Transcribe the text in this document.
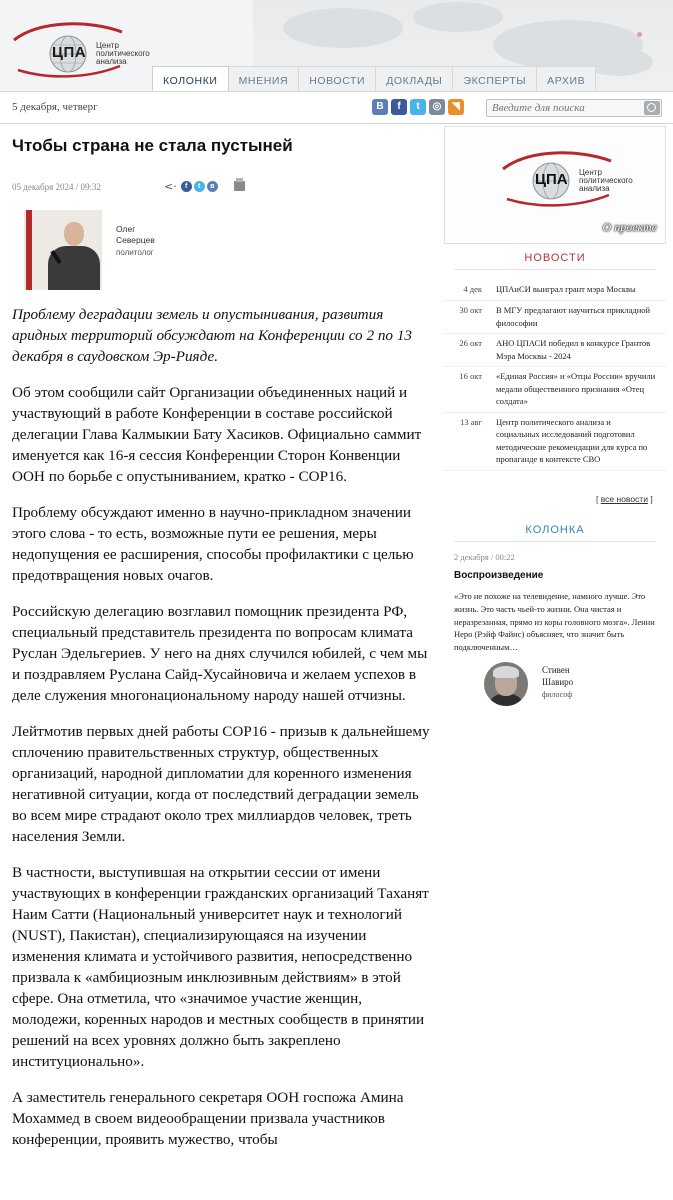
ЦПА Центр
политического
анализа
КОЛОНКИ	МНЕНИЯ	НОВОСТИ	ДОКЛАДЫ	ЭКСПЕРТЫ	АРХИВ
5 декабря, четверг	В	f	t	◎	◥
Введите для поиска
Чтобы страна не стала пустыней
05 декабря 2024 / 09:32	<·	f	t	в
Олег Северцев
политолог

Проблему деградации земель и опустынивания, развития аридных территорий обсуждают на Конференции со 2 по 13 декабря в саудовском Эр-Рияде.

Об этом сообщили сайт Организации объединенных наций и участвующий в работе Конференции в составе российской делегации Глава Калмыкии Бату Хасиков. Официально саммит именуется как 16-я сессия Конференции Сторон Конвенции ООН по борьбе с опустыниванием, кратко - COP16.

Проблему обсуждают именно в научно-прикладном значении этого слова - то есть, возможные пути ее решения, меры недопущения ее расширения, способы профилактики с целью предотвращения новых очагов.

Российскую делегацию возглавил помощник президента РФ, специальный представитель президента по вопросам климата Руслан Эдельгериев. У него на днях случился юбилей, с чем мы и поздравляем Руслана Сайд-Хусайновича и желаем успехов в деле служения многонациональному народу нашей отчизны.

Лейтмотив первых дней работы COP16 - призыв к дальнейшему сплочению правительственных структур, общественных организаций, народной дипломатии для коренного изменения негативной ситуации, когда от последствий деградации земель во всем мире страдают около трех миллиардов человек, треть населения Земли.

В частности, выступившая на открытии сессии от имени участвующих в конференции гражданских организаций Таханят Наим Сатти (Национальный университет наук и технологий (NUST), Пакистан), специализирующаяся на изучении изменения климата и устойчивого развития, непосредственно призвала к «амбициозным инклюзивным действиям» в этой сфере. Она отметила, что «значимое участие женщин, молодежи, коренных народов и местных сообществ в принятии решений на всех уровнях должно быть закреплено институционально».

А заместитель генерального секретаря ООН госпожа Амина Мохаммед в своем видеообращении призвала участников конференции, проявить мужество, чтобы

ЦПА Центр
политического
анализа
О проекте
НОВОСТИ
4 дек	ЦПАиСИ выиграл грант мэра Москвы
30 окт	В МГУ предлагают научиться прикладной философии
26 окт	АНО ЦПАСИ победил в конкурсе Грантов Мэра Москвы - 2024
16 окт	«Единая Россия» и «Отцы России» вручили медали общественного признания «Отец солдата»
13 авг	Центр политического анализа и социальных исследований подготовил методические рекомендации для курса по пропаганде в контексте СВО
[ все новости ]
КОЛОНКА
2 декабря / 00:22
Воспроизведение
«Это не похоже на телевидение, намного лучше. Это жизнь. Это часть чьей-то жизни. Она чистая и неразрезанная, прямо из коры головного мозга». Ленни Неро (Рэйф Файнс) объясняет, что значит быть подключенным…
Стивен Шавиро
философ
